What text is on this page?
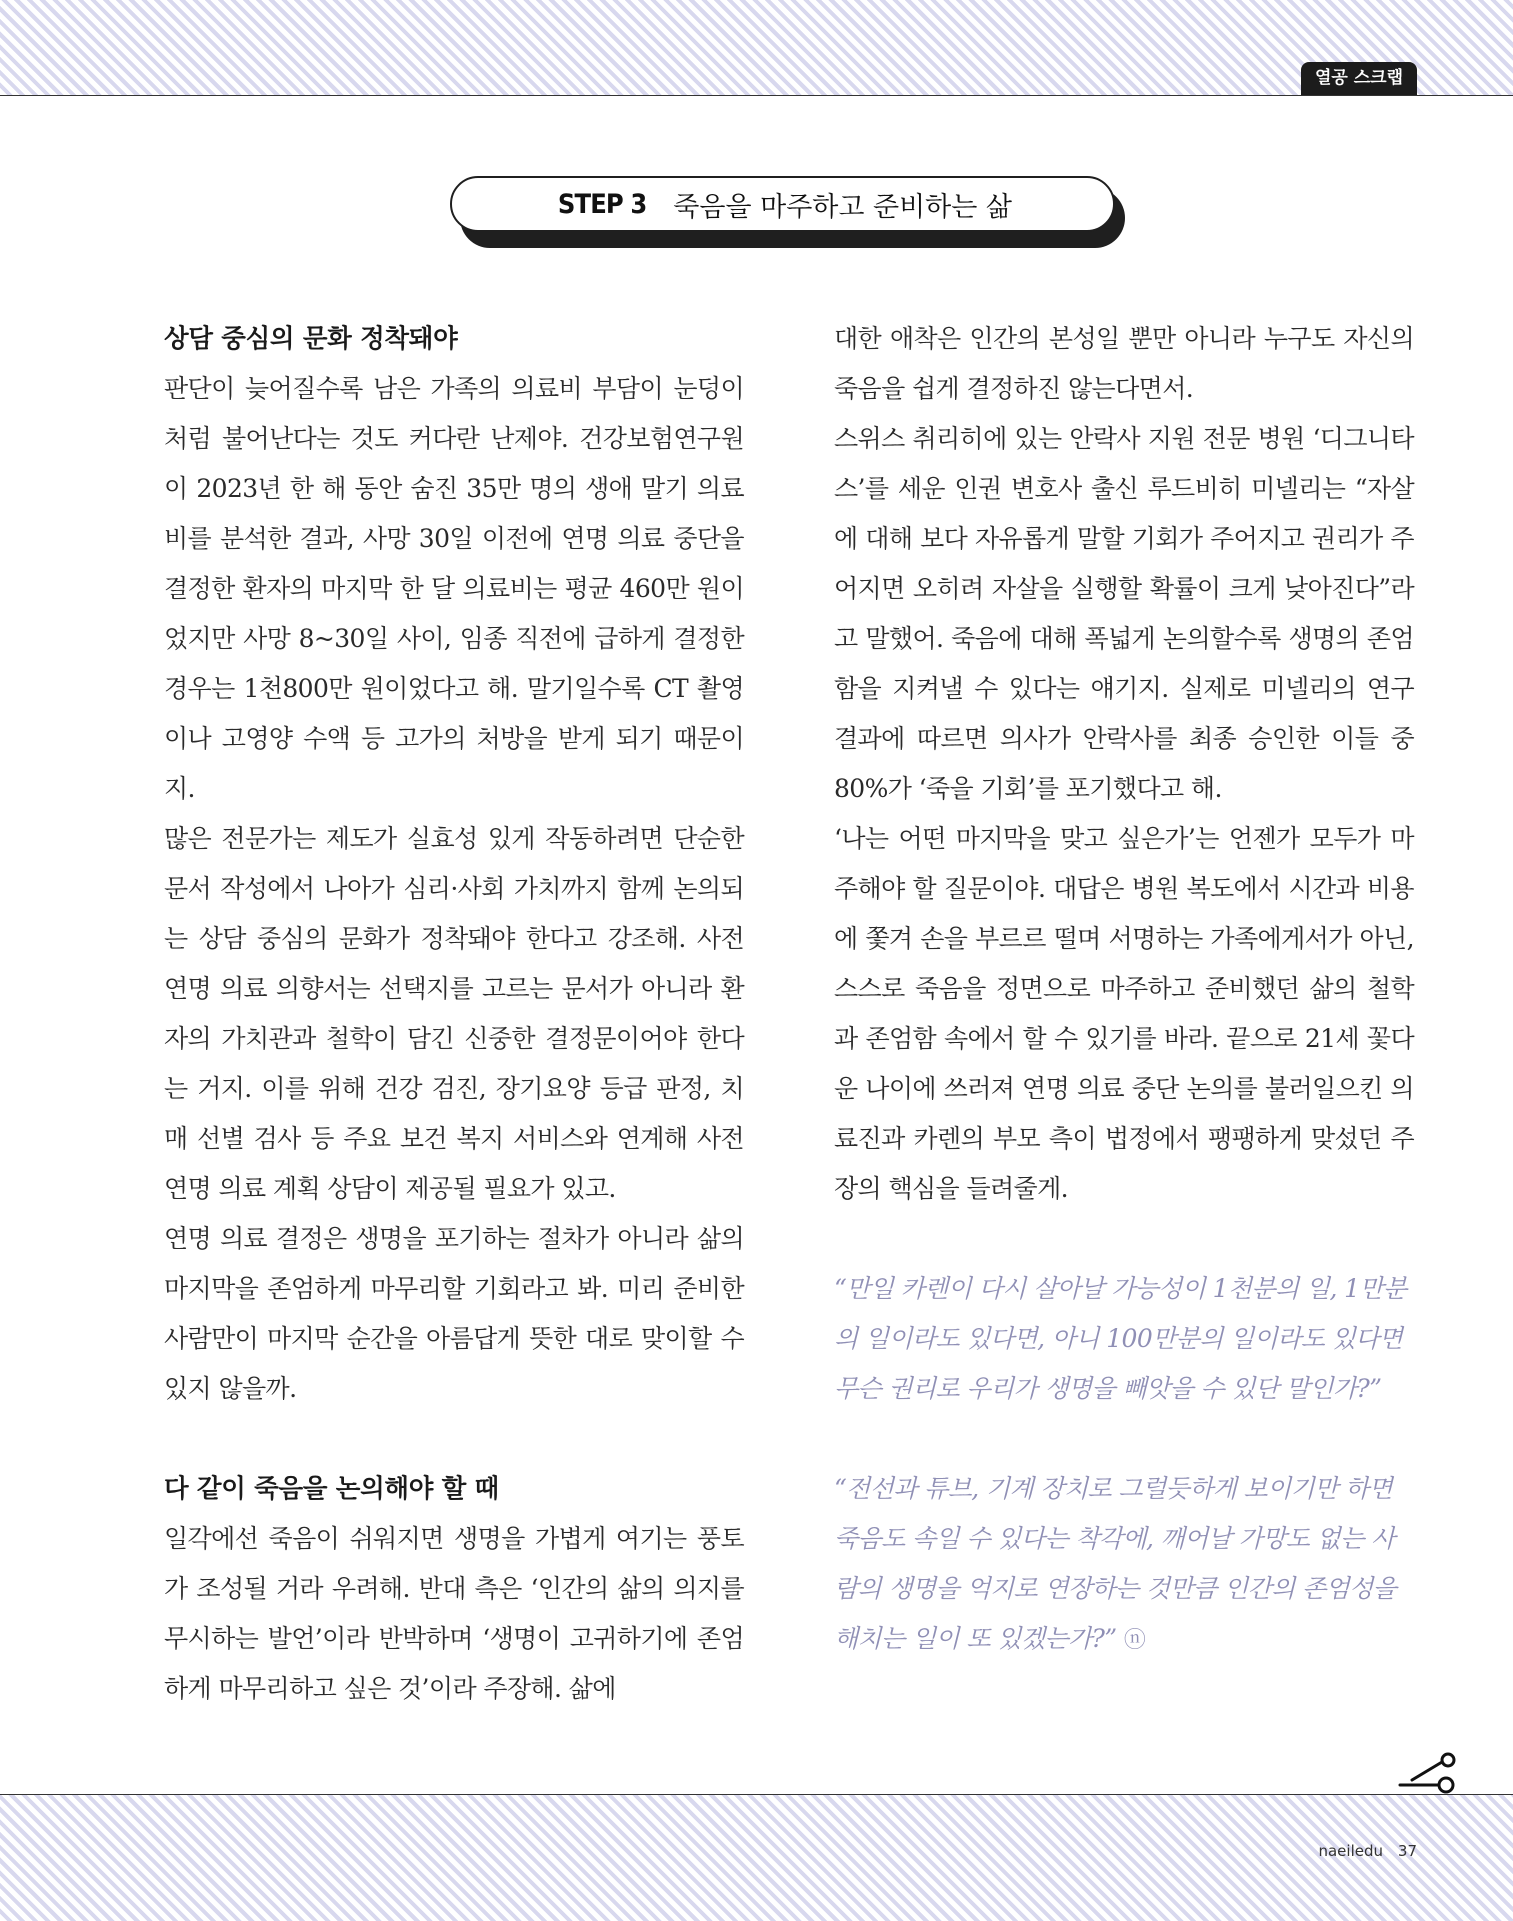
열공 스크랩
STEP 3 죽음을 마주하고 준비하는 삶
상담 중심의 문화 정착돼야

판단이 늦어질수록 남은 가족의 의료비 부담이 눈덩이처럼 불어난다는 것도 커다란 난제야. 건강보험연구원이 2023년 한 해 동안 숨진 35만 명의 생애 말기 의료비를 분석한 결과, 사망 30일 이전에 연명 의료 중단을 결정한 환자의 마지막 한 달 의료비는 평균 460만 원이었지만 사망 8~30일 사이, 임종 직전에 급하게 결정한 경우는 1천800만 원이었다고 해. 말기일수록 CT 촬영이나 고영양 수액 등 고가의 처방을 받게 되기 때문이지.

많은 전문가는 제도가 실효성 있게 작동하려면 단순한 문서 작성에서 나아가 심리·사회 가치까지 함께 논의되는 상담 중심의 문화가 정착돼야 한다고 강조해. 사전 연명 의료 의향서는 선택지를 고르는 문서가 아니라 환자의 가치관과 철학이 담긴 신중한 결정문이어야 한다는 거지. 이를 위해 건강 검진, 장기요양 등급 판정, 치매 선별 검사 등 주요 보건 복지 서비스와 연계해 사전 연명 의료 계획 상담이 제공될 필요가 있고.

연명 의료 결정은 생명을 포기하는 절차가 아니라 삶의 마지막을 존엄하게 마무리할 기회라고 봐. 미리 준비한 사람만이 마지막 순간을 아름답게 뜻한 대로 맞이할 수 있지 않을까.

다 같이 죽음을 논의해야 할 때

일각에선 죽음이 쉬워지면 생명을 가볍게 여기는 풍토가 조성될 거라 우려해. 반대 측은 ‘인간의 삶의 의지를 무시하는 발언’이라 반박하며 ‘생명이 고귀하기에 존엄하게 마무리하고 싶은 것’이라 주장해. 삶에

대한 애착은 인간의 본성일 뿐만 아니라 누구도 자신의 죽음을 쉽게 결정하진 않는다면서.

스위스 취리히에 있는 안락사 지원 전문 병원 ‘디그니타스’를 세운 인권 변호사 출신 루드비히 미넬리는 “자살에 대해 보다 자유롭게 말할 기회가 주어지고 권리가 주어지면 오히려 자살을 실행할 확률이 크게 낮아진다”라고 말했어. 죽음에 대해 폭넓게 논의할수록 생명의 존엄함을 지켜낼 수 있다는 얘기지. 실제로 미넬리의 연구 결과에 따르면 의사가 안락사를 최종 승인한 이들 중 80%가 ‘죽을 기회’를 포기했다고 해.

‘나는 어떤 마지막을 맞고 싶은가’는 언젠가 모두가 마주해야 할 질문이야. 대답은 병원 복도에서 시간과 비용에 쫓겨 손을 부르르 떨며 서명하는 가족에게서가 아닌, 스스로 죽음을 정면으로 마주하고 준비했던 삶의 철학과 존엄함 속에서 할 수 있기를 바라. 끝으로 21세 꽃다운 나이에 쓰러져 연명 의료 중단 논의를 불러일으킨 의료진과 카렌의 부모 측이 법정에서 팽팽하게 맞섰던 주장의 핵심을 들려줄게.

“만일 카렌이 다시 살아날 가능성이 1천분의 일, 1만분의 일이라도 있다면, 아니 100만분의 일이라도 있다면 무슨 권리로 우리가 생명을 빼앗을 수 있단 말인가?”

“전선과 튜브, 기계 장치로 그럴듯하게 보이기만 하면 죽음도 속일 수 있다는 착각에, 깨어날 가망도 없는 사람의 생명을 억지로 연장하는 것만큼 인간의 존엄성을 해치는 일이 또 있겠는가?” ⓝ

naeiledu 37
